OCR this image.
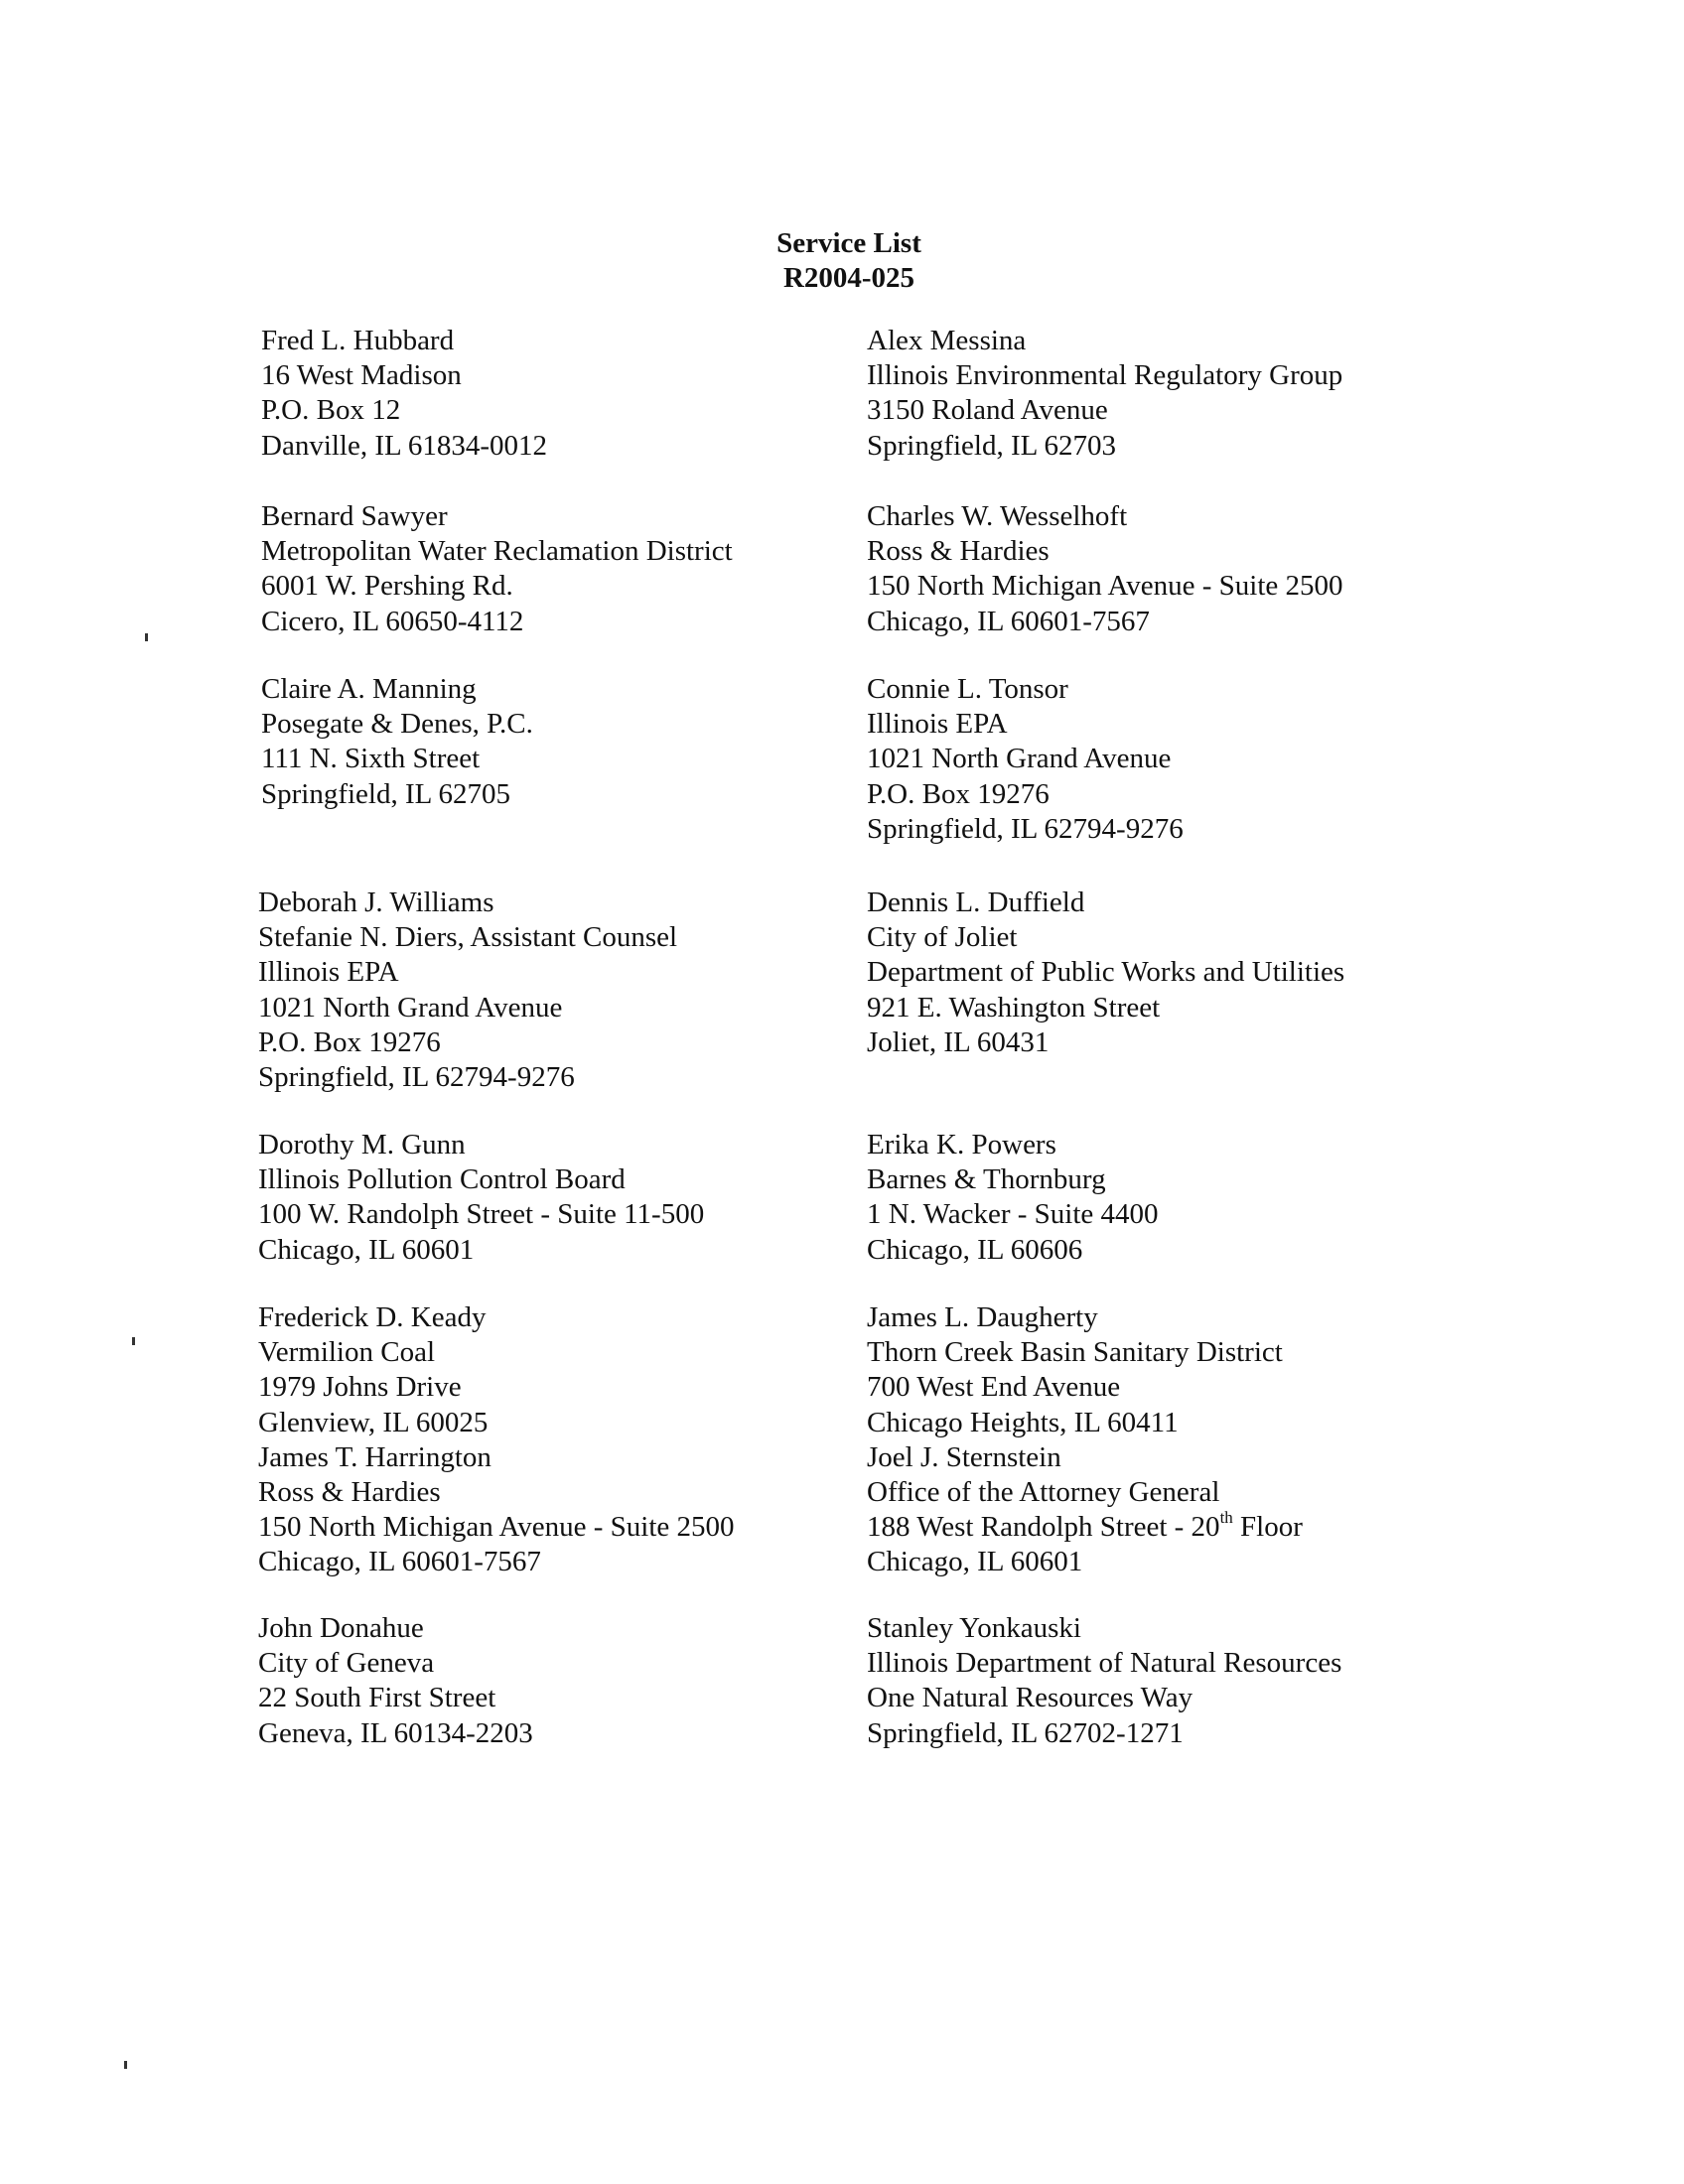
Service List
R2004-025
Fred L. Hubbard
16 West Madison
P.O. Box 12
Danville, IL 61834-0012
Bernard Sawyer
Metropolitan Water Reclamation District
6001 W. Pershing Rd.
Cicero, IL 60650-4112
Claire A. Manning
Posegate & Denes, P.C.
111 N. Sixth Street
Springfield, IL 62705
Deborah J. Williams
Stefanie N. Diers, Assistant Counsel
Illinois EPA
1021 North Grand Avenue
P.O. Box 19276
Springfield, IL 62794-9276
Dorothy M. Gunn
Illinois Pollution Control Board
100 W. Randolph Street - Suite 11-500
Chicago, IL 60601
Frederick D. Keady
Vermilion Coal
1979 Johns Drive
Glenview, IL 60025
James T. Harrington
Ross & Hardies
150 North Michigan Avenue - Suite 2500
Chicago, IL 60601-7567
John Donahue
City of Geneva
22 South First Street
Geneva, IL 60134-2203
Alex Messina
Illinois Environmental Regulatory Group
3150 Roland Avenue
Springfield, IL 62703
Charles W. Wesselhoft
Ross & Hardies
150 North Michigan Avenue - Suite 2500
Chicago, IL 60601-7567
Connie L. Tonsor
Illinois EPA
1021 North Grand Avenue
P.O. Box 19276
Springfield, IL 62794-9276
Dennis L. Duffield
City of Joliet
Department of Public Works and Utilities
921 E. Washington Street
Joliet, IL 60431
Erika K. Powers
Barnes & Thornburg
1 N. Wacker - Suite 4400
Chicago, IL 60606
James L. Daugherty
Thorn Creek Basin Sanitary District
700 West End Avenue
Chicago Heights, IL 60411
Joel J. Sternstein
Office of the Attorney General
188 West Randolph Street - 20th Floor
Chicago, IL 60601
Stanley Yonkauski
Illinois Department of Natural Resources
One Natural Resources Way
Springfield, IL 62702-1271
